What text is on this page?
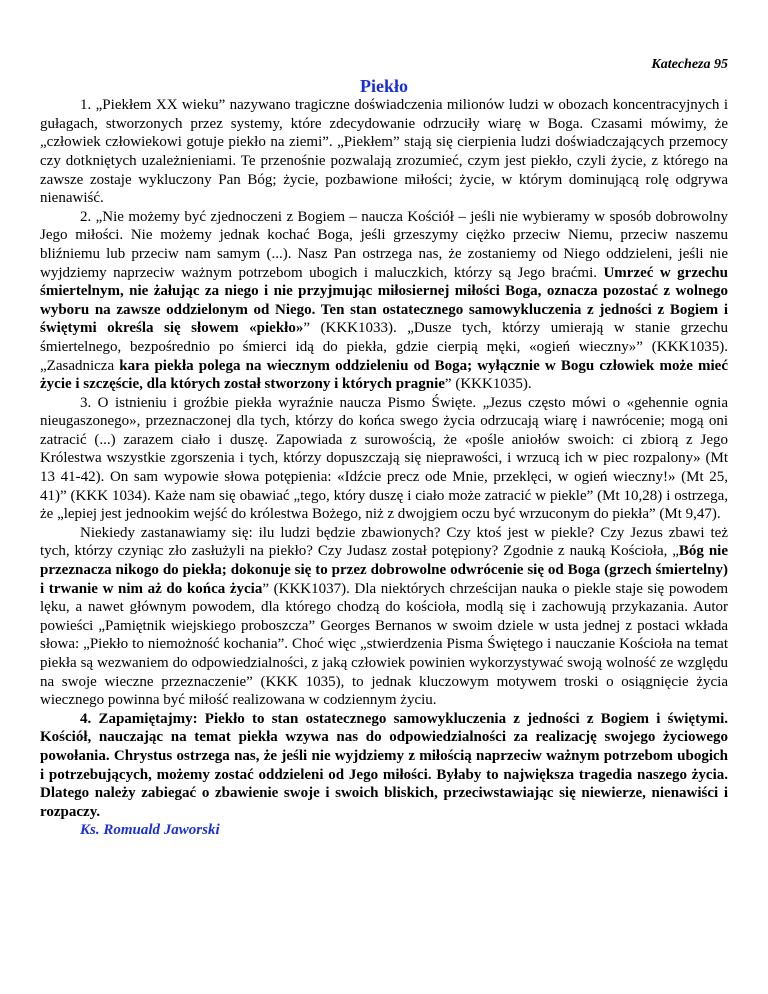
Katecheza 95
Piekło

1. „Piekłem XX wieku” nazywano tragiczne doświadczenia milionów ludzi w obozach koncentracyjnych i gułagach, stworzonych przez systemy, które zdecydowanie odrzuciły wiarę w Boga. Czasami mówimy, że „człowiek człowiekowi gotuje piekło na ziemi”. „Piekłem” stają się cierpienia ludzi doświadczających przemocy czy dotkniętych uzależnieniami. Te przenośnie pozwalają zrozumieć, czym jest piekło, czyli życie, z którego na zawsze zostaje wykluczony Pan Bóg; życie, pozbawione miłości; życie, w którym dominującą rolę odgrywa nienawiść.

2. „Nie możemy być zjednoczeni z Bogiem – naucza Kościół – jeśli nie wybieramy w sposób dobrowolny Jego miłości. Nie możemy jednak kochać Boga, jeśli grzeszymy ciężko przeciw Niemu, przeciw naszemu bliźniemu lub przeciw nam samym (...). Nasz Pan ostrzega nas, że zostaniemy od Niego oddzieleni, jeśli nie wyjdziemy naprzeciw ważnym potrzebom ubogich i maluczkich, którzy są Jego braćmi. Umrzeć w grzechu śmiertelnym, nie żałując za niego i nie przyjmując miłosiernej miłości Boga, oznacza pozostać z wolnego wyboru na zawsze oddzielonym od Niego. Ten stan ostatecznego samowykluczenia z jedności z Bogiem i świętymi określa się słowem «piekło»” (KKK1033). „Dusze tych, którzy umierają w stanie grzechu śmiertelnego, bezpośrednio po śmierci idą do piekła, gdzie cierpią męki, «ogień wieczny»” (KKK1035). „Zasadnicza kara piekła polega na wiecznym oddzieleniu od Boga; wyłącznie w Bogu człowiek może mieć życie i szczęście, dla których został stworzony i których pragnie” (KKK1035).

3. O istnieniu i groźbie piekła wyraźnie naucza Pismo Święte. „Jezus często mówi o «gehennie ognia nieugaszonego», przeznaczonej dla tych, którzy do końca swego życia odrzucają wiarę i nawrócenie; mogą oni zatracić (...) zarazem ciało i duszę. Zapowiada z surowością, że «pośle aniołów swoich: ci zbiorą z Jego Królestwa wszystkie zgorszenia i tych, którzy dopuszczają się nieprawości, i wrzucą ich w piec rozpalony» (Mt 13 41-42). On sam wypowie słowa potępienia: «Idźcie precz ode Mnie, przeklęci, w ogień wieczny!» (Mt 25, 41)” (KKK 1034). Każe nam się obawiać „tego, który duszę i ciało może zatracić w piekle” (Mt 10,28) i ostrzega, że „lepiej jest jednookim wejść do królestwa Bożego, niż z dwojgiem oczu być wrzuconym do piekła” (Mt 9,47).

Niekiedy zastanawiamy się: ilu ludzi będzie zbawionych? Czy ktoś jest w piekle? Czy Jezus zbawi też tych, którzy czyniąc zło zasłużyli na piekło? Czy Judasz został potępiony? Zgodnie z nauką Kościoła, „Bóg nie przeznacza nikogo do piekła; dokonuje się to przez dobrowolne odwrócenie się od Boga (grzech śmiertelny) i trwanie w nim aż do końca życia” (KKK1037). Dla niektórych chrześcijan nauka o piekle staje się powodem lęku, a nawet głównym powodem, dla którego chodzą do kościoła, modlą się i zachowują przykazania. Autor powieści „Pamiętnik wiejskiego proboszcza” Georges Bernanos w swoim dziele w usta jednej z postaci wkłada słowa: „Piekło to niemożność kochania”. Choć więc „stwierdzenia Pisma Świętego i nauczanie Kościoła na temat piekła są wezwaniem do odpowiedzialności, z jaką człowiek powinien wykorzystywać swoją wolność ze względu na swoje wieczne przeznaczenie” (KKK 1035), to jednak kluczowym motywem troski o osiągnięcie życia wiecznego powinna być miłość realizowana w codziennym życiu.

4. Zapamiętajmy: Piekło to stan ostatecznego samowykluczenia z jedności z Bogiem i świętymi. Kościół, nauczając na temat piekła wzywa nas do odpowiedzialności za realizację swojego życiowego powołania. Chrystus ostrzega nas, że jeśli nie wyjdziemy z miłością naprzeciw ważnym potrzebom ubogich i potrzebujących, możemy zostać oddzieleni od Jego miłości. Byłaby to największa tragedia naszego życia. Dlatego należy zabiegać o zbawienie swoje i swoich bliskich, przeciwstawiając się niewierze, nienawiści i rozpaczy.

Ks. Romuald Jaworski
